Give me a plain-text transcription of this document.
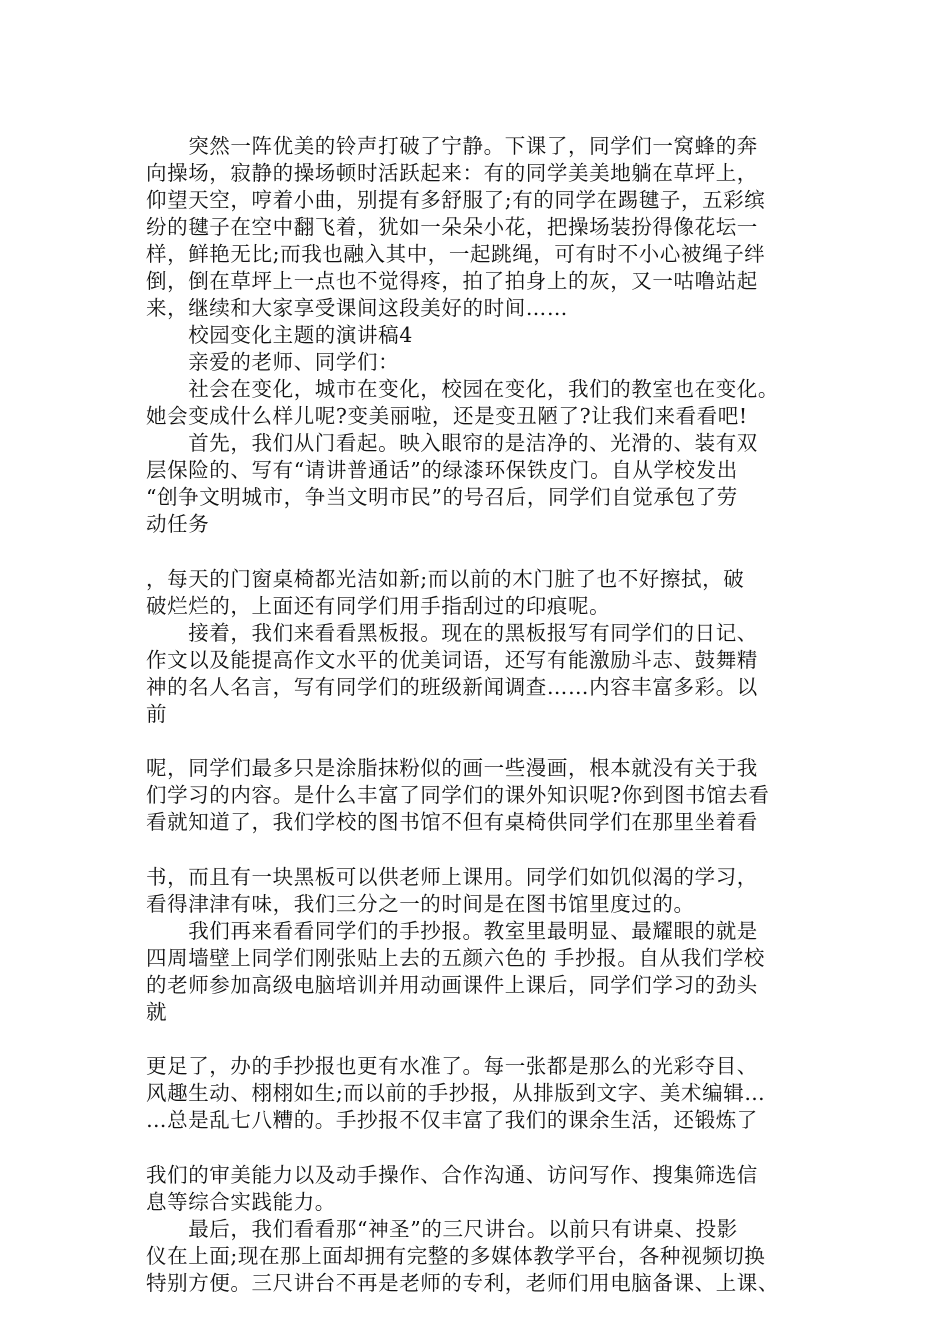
　　突然一阵优美的铃声打破了宁静。下课了，同学们一窝蜂的奔

向操场，寂静的操场顿时活跃起来：有的同学美美地躺在草坪上，

仰望天空，哼着小曲，别提有多舒服了;有的同学在踢毽子，五彩缤

纷的毽子在空中翻飞着，犹如一朵朵小花，把操场装扮得像花坛一

样，鲜艳无比;而我也融入其中，一起跳绳，可有时不小心被绳子绊

倒，倒在草坪上一点也不觉得疼，拍了拍身上的灰，又一咕噜站起

来，继续和大家享受课间这段美好的时间……

　　校园变化主题的演讲稿4

　　亲爱的老师、同学们：

　　社会在变化，城市在变化，校园在变化，我们的教室也在变化。

她会变成什么样儿呢?变美丽啦，还是变丑陋了?让我们来看看吧!

　　首先，我们从门看起。映入眼帘的是洁净的、光滑的、装有双

层保险的、写有“请讲普通话”的绿漆环保铁皮门。自从学校发出

“创争文明城市，争当文明市民”的号召后，同学们自觉承包了劳

动任务

，每天的门窗桌椅都光洁如新;而以前的木门脏了也不好擦拭，破

破烂烂的，上面还有同学们用手指刮过的印痕呢。

　　接着，我们来看看黑板报。现在的黑板报写有同学们的日记、

作文以及能提高作文水平的优美词语，还写有能激励斗志、鼓舞精

神的名人名言，写有同学们的班级新闻调查……内容丰富多彩。以

前

呢，同学们最多只是涂脂抹粉似的画一些漫画，根本就没有关于我

们学习的内容。是什么丰富了同学们的课外知识呢?你到图书馆去看

看就知道了，我们学校的图书馆不但有桌椅供同学们在那里坐着看

书，而且有一块黑板可以供老师上课用。同学们如饥似渴的学习，

看得津津有味，我们三分之一的时间是在图书馆里度过的。

　　我们再来看看同学们的手抄报。教室里最明显、最耀眼的就是

四周墙壁上同学们刚张贴上去的五颜六色的 手抄报。自从我们学校

的老师参加高级电脑培训并用动画课件上课后，同学们学习的劲头

就

更足了，办的手抄报也更有水准了。每一张都是那么的光彩夺目、

风趣生动、栩栩如生;而以前的手抄报，从排版到文字、美术编辑…

…总是乱七八糟的。手抄报不仅丰富了我们的课余生活，还锻炼了

我们的审美能力以及动手操作、合作沟通、访问写作、搜集筛选信

息等综合实践能力。

　　最后，我们看看那“神圣”的三尺讲台。以前只有讲桌、投影

仪在上面;现在那上面却拥有完整的多媒体教学平台，各种视频切换

特别方便。三尺讲台不再是老师的专利，老师们用电脑备课、上课、
